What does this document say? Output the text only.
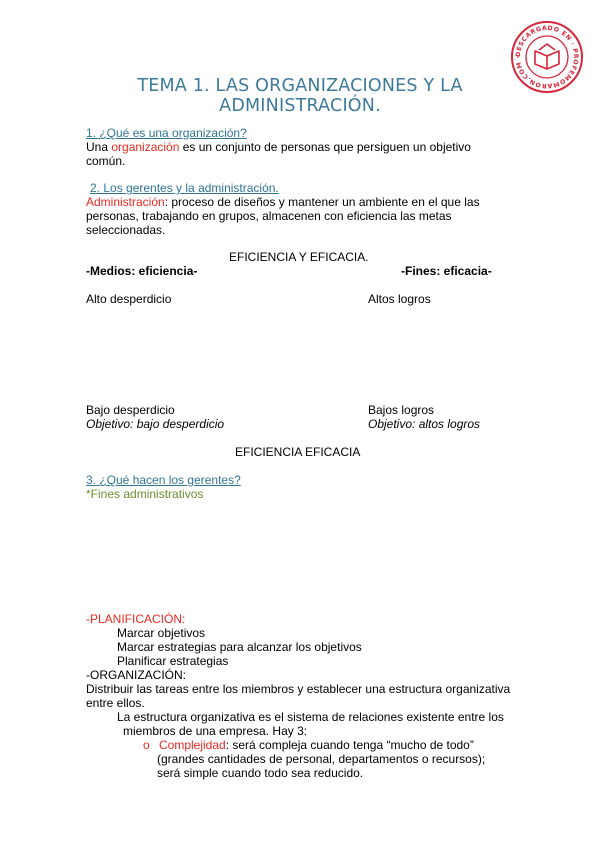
DESCARGADO EN · PROFEMOMARON.COM ·
TEMA 1. LAS ORGANIZACIONES Y LA
ADMINISTRACIÓN.
1. ¿Qué es una organización?
Una organización es un conjunto de personas que persiguen un objetivo
común.
2. Los gerentes y la administración.
Administración: proceso de diseños y mantener un ambiente en el que las
personas, trabajando en grupos, almacenen con eficiencia las metas
seleccionadas.
EFICIENCIA Y EFICACIA.
-Medios: eficiencia-	-Fines: eficacia-
Alto desperdicio	Altos logros
Bajo desperdicio	Bajos logros
Objetivo: bajo desperdicio	Objetivo: altos logros
EFICIENCIA EFICACIA
3. ¿Qué hacen los gerentes?
*Fines administrativos
-PLANIFICACIÓN:
Marcar objetivos
Marcar estrategias para alcanzar los objetivos
Planificar estrategias
-ORGANIZACIÓN:
Distribuir las tareas entre los miembros y establecer una estructura organizativa
entre ellos.
La estructura organizativa es el sistema de relaciones existente entre los
miembros de una empresa. Hay 3:
o Complejidad: será compleja cuando tenga “mucho de todo”
(grandes cantidades de personal, departamentos o recursos);
será simple cuando todo sea reducido.
